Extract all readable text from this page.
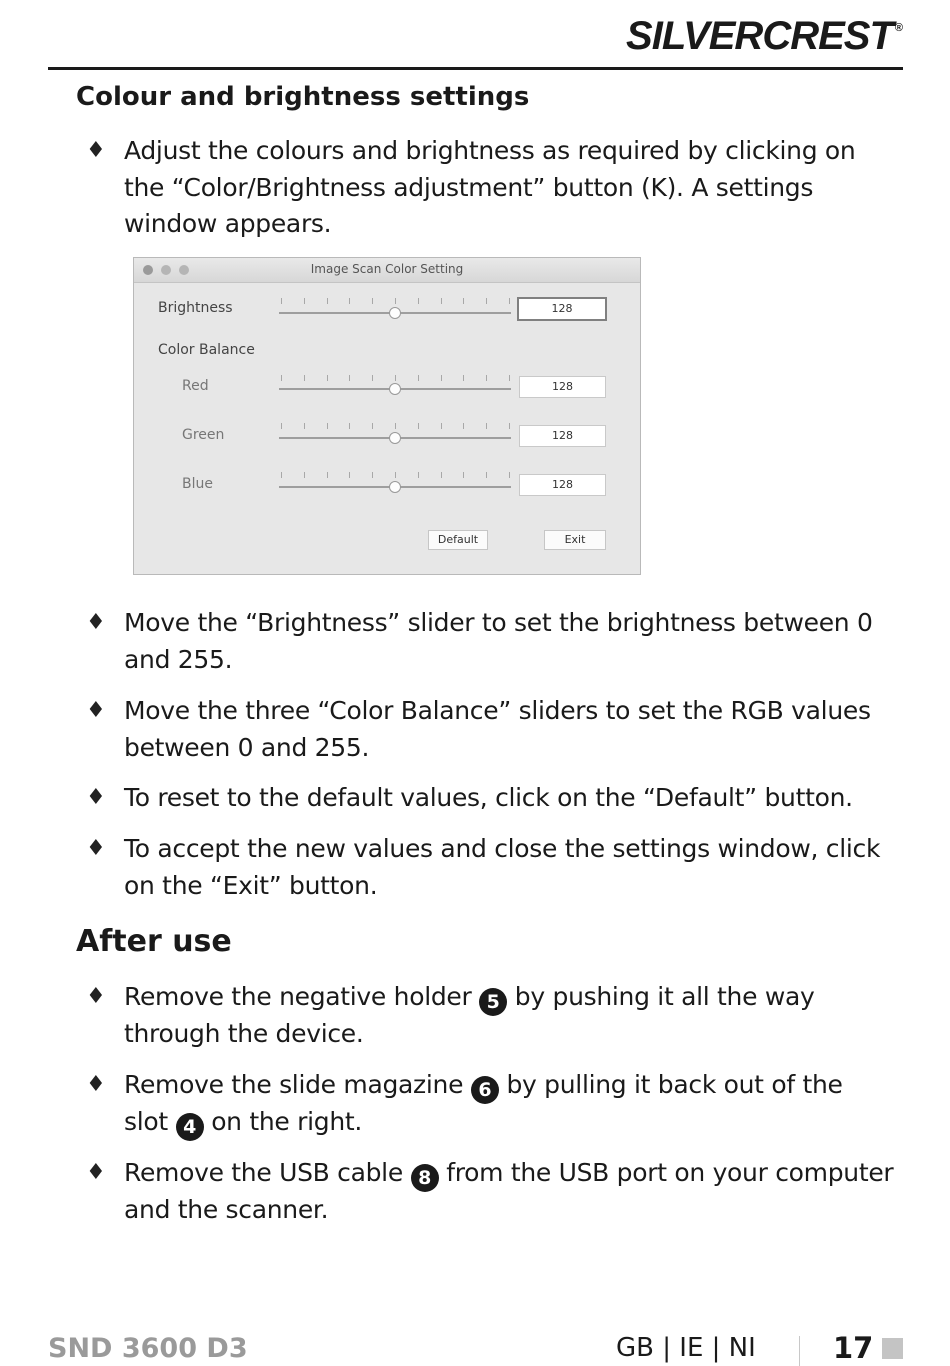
SILVERCREST ®
Colour and brightness settings
♦ Adjust the colours and brightness as required by clicking on the “Color/Brightness adjustment” button (K). A settings window appears.

Image Scan Color Setting
Brightness	128
Color Balance
Red	128
Green	128
Blue	128
Default	Exit
♦ Move the “Brightness” slider to set the brightness between 0 and 255.

♦ Move the three “Color Balance” sliders to set the RGB values between 0 and 255.

♦ To reset to the default values, click on the “Default” button.

♦ To accept the new values and close the settings window, click on the “Exit” button.

After use
♦ Remove the negative holder 5 by pushing it all the way through the device.

♦ Remove the slide magazine 6 by pulling it back out of the slot 4 on the right.

♦ Remove the USB cable 8 from the USB port on your computer and the scanner.

SND 3600 D3	GB | IE | NI	17
